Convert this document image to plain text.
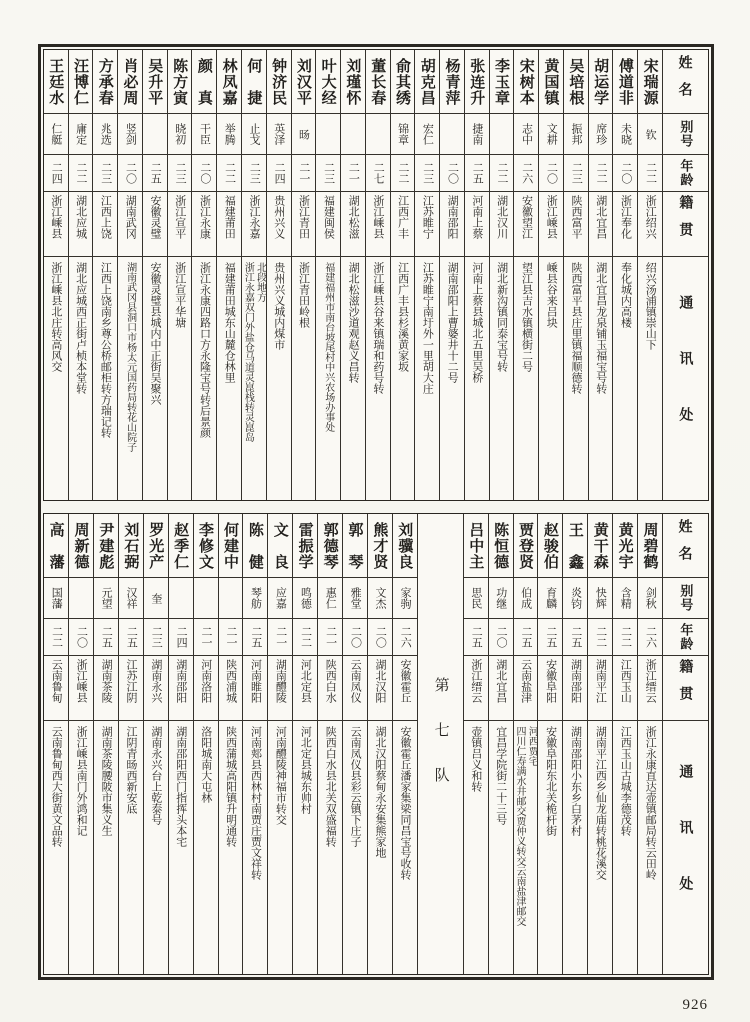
姓名
别号
年龄
籍贯
通讯处
宋瑞源
钦
二二
浙江绍兴
绍兴汤浦镇崇山下
傅道非
未晓
二〇
浙江奉化
奉化城内高楼
胡运学
席珍
二二
湖北宜昌
湖北宜昌龙泉铺玉福宝号转
吴培根
振邦
二三
陕西富平
陕西富平县庄里镇福顺德转
黄国镇
文耕
二〇
浙江嵊县
嵊县谷来吕块
宋树本
志中
二六
安徽望江
望江县吉水镇横街二号
李玉章
二二
湖北汉川
湖北新沟镇同泰宝号转
张连升
捷南
二五
河南上蔡
河南上蔡县城北五里吴桥
杨青萍
二〇
湖南邵阳
湖南邵阳上曹婆井十二号
胡克昌
宏仁
二三
江苏睢宁
江苏睢宁南圩外一里胡大庄
俞其绣
锦章
二二
江西广丰
江西广丰县杉溪黄家坂
董长春
二七
浙江嵊县
浙江嵊县谷来镇瑞和药号转
刘瑾怀
二一
湖北松滋
湖北松滋沙道观赵义昌转
叶大经
二三
福建闽侯
福建福州市南台坡尾村中兴农场办事处
刘汉平
旸
二一
浙江青田
浙江青田岭根
钟济民
英泽
二四
贵州兴义
贵州兴义城内煤市
何　捷
止戈
二三
浙江永嘉
浙江永嘉双门外盐仓马道灵崑栈转灵崑岛 北段地方
林凤嘉
举腾
二二
福建莆田
福建莆田城东山麓仓林里
颜　真
干臣
二〇
浙江永康
浙江永康四路口方永隆宝号转后景颜
陈方寅
晓初
二三
浙江宣平
浙江宣平华塘
吴升平
二五
安徽灵璧
安徽灵璧县城内中正街吴聚兴
肖必周
竖剑
二〇
湖南武冈
湖南武冈县洞口市杨太元国药局转花山院子
方承春
兆选
二三
江西上饶
江西上饶南乡尊公桥邮柜转方瑞记转
汪博仁
庸定
二二
湖北应城
湖北应城西正街卢桢本堂转
王廷水
仁艇
二四
浙江嵊县
浙江嵊县北庄转高风交
姓名
别号
年龄
籍贯
通讯处
周碧鹤
剑秋
二六
浙江缙云
浙江永康直达壶镇邮局转云田岭
黄光宇
含精
二二
江西玉山
江西玉山古城李德茂转
黄干森
快辉
二二
湖南平江
湖南平江西乡仙龙庙转桃花溪交
王　鑫
炎钧
二五
湖南邵阳
湖南邵阳小东乡白茅村
赵骏伯
育麟
二五
安徽阜阳
安徽阜阳东北关桅杆街
贾登贤
伯成
二五
云南盐津
四川仁寿满水井邮交贾仲义转交云南盐津邮交 河西贾宅
陈恒德
功继
二〇
湖北宜昌
宜昌学院街二十三号
吕中主
思民
二五
浙江缙云
壶镇吕义和转
第七队
刘骥良
家驹
二六
安徽霍丘
安徽霍丘潘家集梁同昌宝号收转
熊才贤
文杰
二〇
湖北汉阳
湖北汉阳蔡甸永安集熊家地
郭　琴
雅堂
二〇
云南凤仪
云南凤仪县彩云镇下庄子
郭德琴
惠仁
二一
陕西白水
陕西白水县北关双盛福转
雷振学
鸣德
二二
河北定县
河北定县城东帅村
文　良
应嘉
二一
湖南醴陵
河南醴陵神福市转交
陈　健
琴舫
二五
河南睢阳
河南郏县西林村南贾庄贾文祥转
何建中
二一
陕西浦城
陕西蒲城高阳镇升明通转
李修文
二一
河南洛阳
洛阳城南大屯林
赵季仁
二四
湖南邵阳
湖南邵阳西门指挥头本宅
罗光产
奎
二三
湖南永兴
湖南永兴台上乾泰号
刘石弼
汉祥
二五
江苏江阴
江阴青旸西新安底
尹建彪
元望
二五
湖南茶陵
湖南茶陵腰陂市集义生
周新德
二〇
浙江嵊县
浙江嵊县南门外鸿和记
高　藩
国藩
二二
云南鲁甸
云南鲁甸西大街黄文品转
926
